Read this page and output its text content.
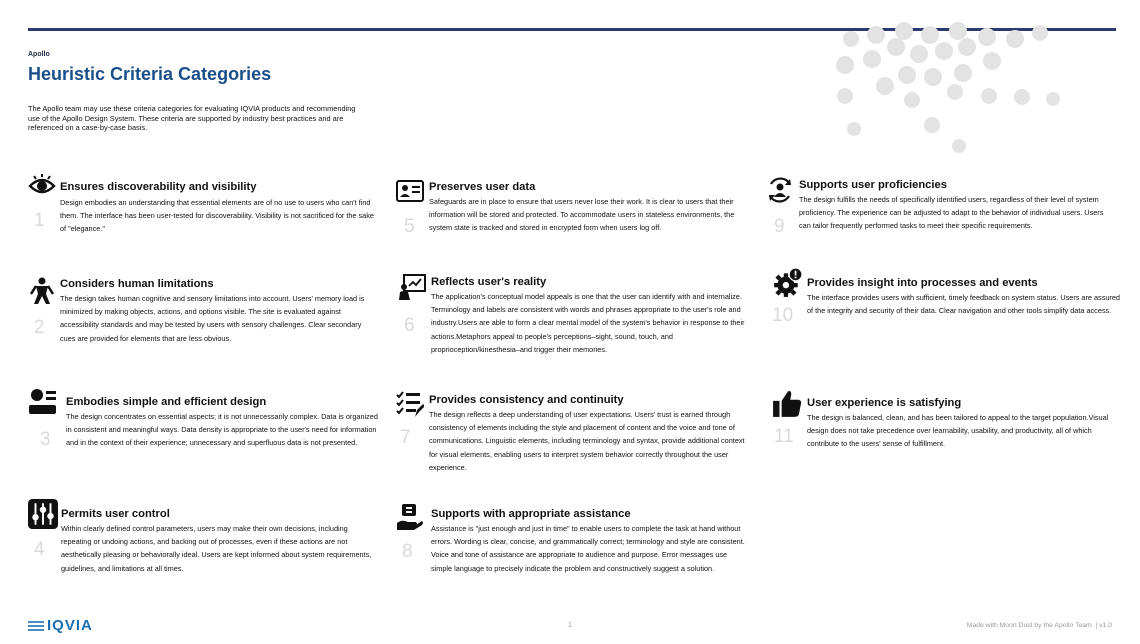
Apollo
Heuristic Criteria Categories

The Apollo team may use these criteria categories for evaluating IQVIA products and recommending use of the Apollo Design System. These criteria are supported by industry best practices and are referenced on a case-by-case basis.

1
Ensures discoverability and visibility

Design embodies an understanding that essential elements are of no use to users who can't find them. The interface has been user-tested for discoverability. Visibility is not sacrificed for the sake of "elegance."

2
Considers human limitations

The design takes human cognitive and sensory limitations into account. Users' memory load is minimized by making objects, actions, and options visible. The site is evaluated against accessibility standards and may be tested by users with sensory challenges. Clear secondary cues are provided for elements that are less obvious.

3
Embodies simple and efficient design

The design concentrates on essential aspects; it is not unnecessarily complex. Data is organized in consistent and meaningful ways. Data density is appropriate to the user's need for information and in the context of their experience; unnecessary and superfluous data is not presented.

4
Permits user control

Within clearly defined control parameters, users may make their own decisions, including repeating or undoing actions, and backing out of processes, even if these actions are not aesthetically pleasing or behaviorally ideal. Users are kept informed about system requirements, guidelines, and limitations at all times.

5
Preserves user data

Safeguards are in place to ensure that users never lose their work. It is clear to users that their information will be stored and protected. To accommodate users in stateless environments, the system state is tracked and stored in encrypted form when users log off.

6
Reflects user's reality

The application's conceptual model appeals is one that the user can identify with and internalize. Terminology and labels are consistent with words and phrases appropriate to the user's role and industry.Users are able to form a clear mental model of the system's behavior in response to their actions.Metaphors appeal to people's perceptions–sight, sound, touch, and proprioception/kinesthesia–and trigger their memories.

7
Provides consistency and continuity

The design reflects a deep understanding of user expectations. Users' trust is earned through consistency of elements including the style and placement of content and the voice and tone of communications. Linguistic elements, including terminology and syntax, provide additional context for visual elements, enabling users to interpret system behavior correctly throughout the user experience.

8
Supports with appropriate assistance

Assistance is "just enough and just in time" to enable users to complete the task at hand without errors. Wording is clear, concise, and grammatically correct; terminology and style are consistent. Voice and tone of assistance are appropriate to audience and purpose. Error messages use simple language to precisely indicate the problem and constructively suggest a solution.

9
Supports user proficiencies

The design fulfills the needs of specifically identified users, regardless of their level of system proficiency. The experience can be adjusted to adapt to the behavior of individual users. Users can tailor frequently performed tasks to meet their specific requirements.

10
Provides insight into processes and events

The interface provides users with sufficient, timely feedback on system status. Users are assured of the integrity and security of their data. Clear navigation and other tools simplify data access.

11
User experience is satisfying

The design is balanced, clean, and has been tailored to appeal to the target population.Visual design does not take precedence over learnability, usability, and productivity, all of which contribute to the users' sense of fulfillment.

IQVIA	1	Made with Moon Dust by the Apollo Team. | v1.0
